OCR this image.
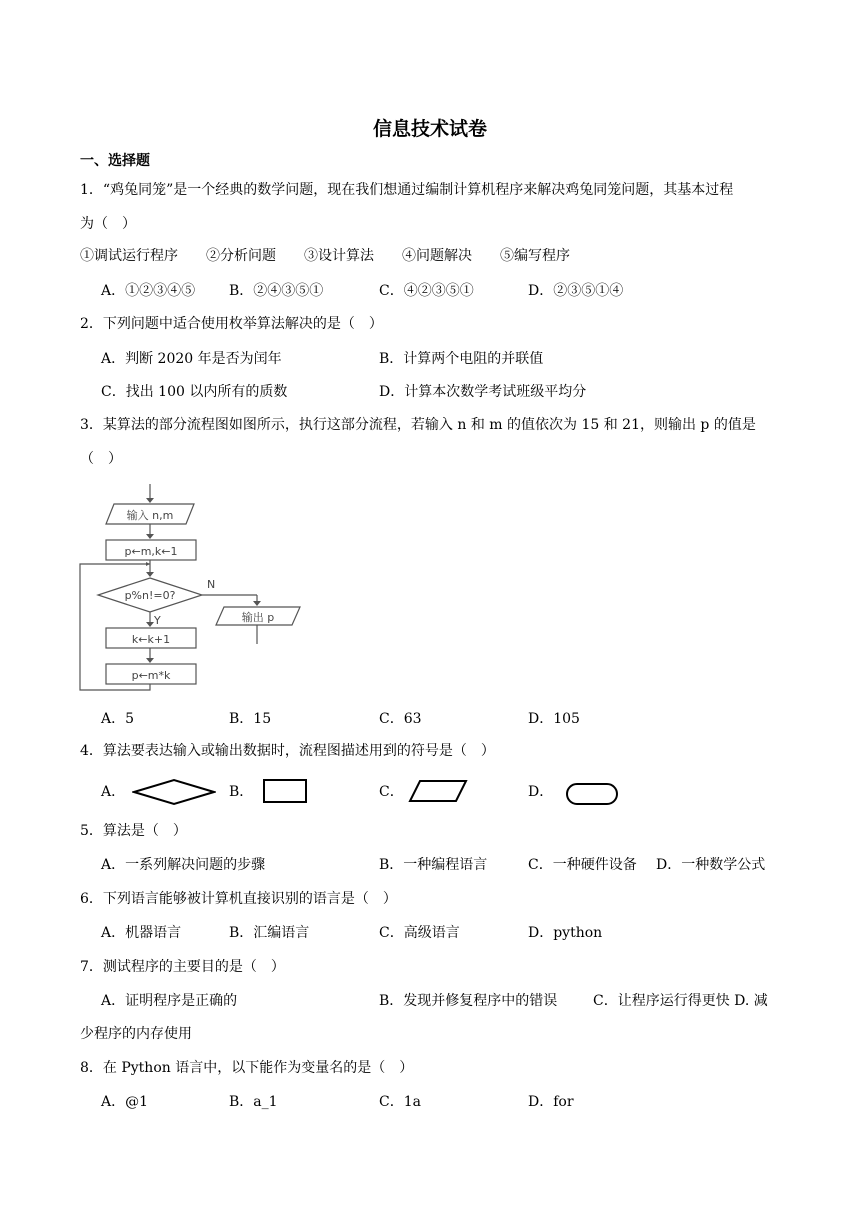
信息技术试卷
一、选择题
1．“鸡兔同笼”是一个经典的数学问题，现在我们想通过编制计算机程序来解决鸡兔同笼问题，其基本过程
为（　）
①调试运行程序　　②分析问题　　③设计算法　　④问题解决　　⑤编写程序
A．①②③④⑤ B．②④③⑤①	C．④②③⑤①	D．②③⑤①④
2．下列问题中适合使用枚举算法解决的是（　）
A．判断 2020 年是否为闰年	B．计算两个电阻的并联值
C．找出 100 以内所有的质数	D．计算本次数学考试班级平均分
3．某算法的部分流程图如图所示，执行这部分流程，若输入 n 和 m 的值依次为 15 和 21，则输出 p 的值是
（　）
输入 n,m
p←m,k←1
p%n!=0?
N
输出 p
Y
k←k+1
p←m*k
A．5	B．15	C．63	D．105
4．算法要表达输入或输出数据时，流程图描述用到的符号是（　）
A．	B．	C．	D．
5．算法是（　）
A．一系列解决问题的步骤	B．一种编程语言	C．一种硬件设备 D．一种数学公式
6．下列语言能够被计算机直接识别的语言是（　）
A．机器语言	B．汇编语言	C．高级语言	D．python
7．测试程序的主要目的是（　）
A．证明程序是正确的	B．发现并修复程序中的错误	C．让程序运行得更快 D. 减
少程序的内存使用
8．在 Python 语言中，以下能作为变量名的是（　）
A．@1	B．a_1	C．1a	D．for
